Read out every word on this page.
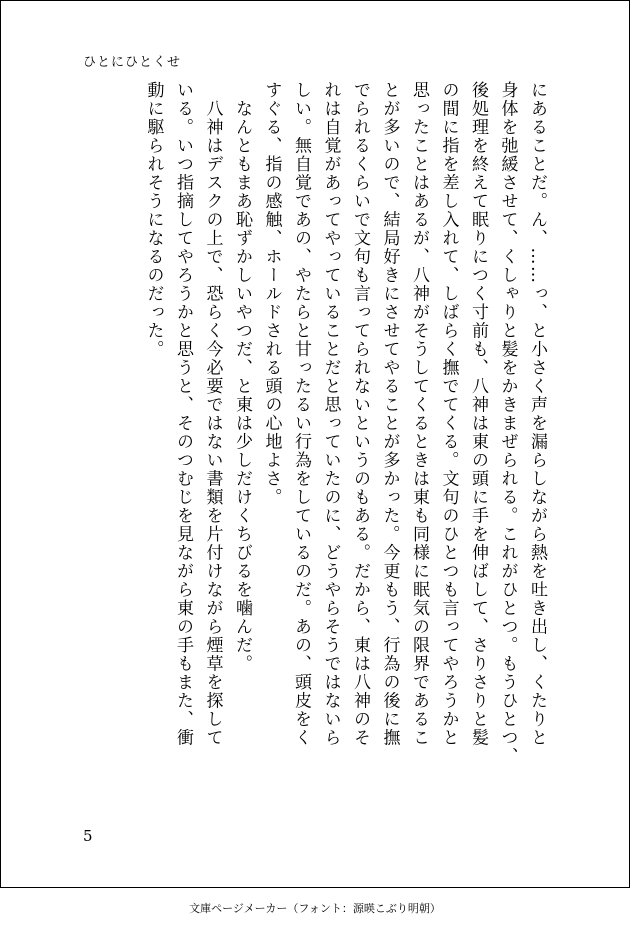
ひとにひとくせ

にあることだ。ん、……っ、と小さく声を漏らしながら熱を吐き出し、くたりと
身体を弛緩させて、くしゃりと髪をかきまぜられる。これがひとつ。もうひとつ、
後処理を終えて眠りにつく寸前も、八神は東の頭に手を伸ばして、さりさりと髪
の間に指を差し入れて、しばらく撫でてくる。文句のひとつも言ってやろうかと
思ったことはあるが、八神がそうしてくるときは東も同様に眠気の限界であるこ
とが多いので、結局好きにさせてやることが多かった。今更もう、行為の後に撫
でられるくらいで文句も言ってられないというのもある。だから、東は八神のそ
れは自覚があってやっていることだと思っていたのに、どうやらそうではないら
しい。無自覚であの、やたらと甘ったるい行為をしているのだ。あの、頭皮をく
すぐる、指の感触、ホールドされる頭の心地よさ。

　なんともまあ恥ずかしいやつだ、と東は少しだけくちびるを噛んだ。

　八神はデスクの上で、恐らく今必要ではない書類を片付けながら煙草を探して
いる。いつ指摘してやろうかと思うと、そのつむじを見ながら東の手もまた、衝
動に駆られそうになるのだった。

5
文庫ページメーカー（フォント：源暎こぶり明朝）
